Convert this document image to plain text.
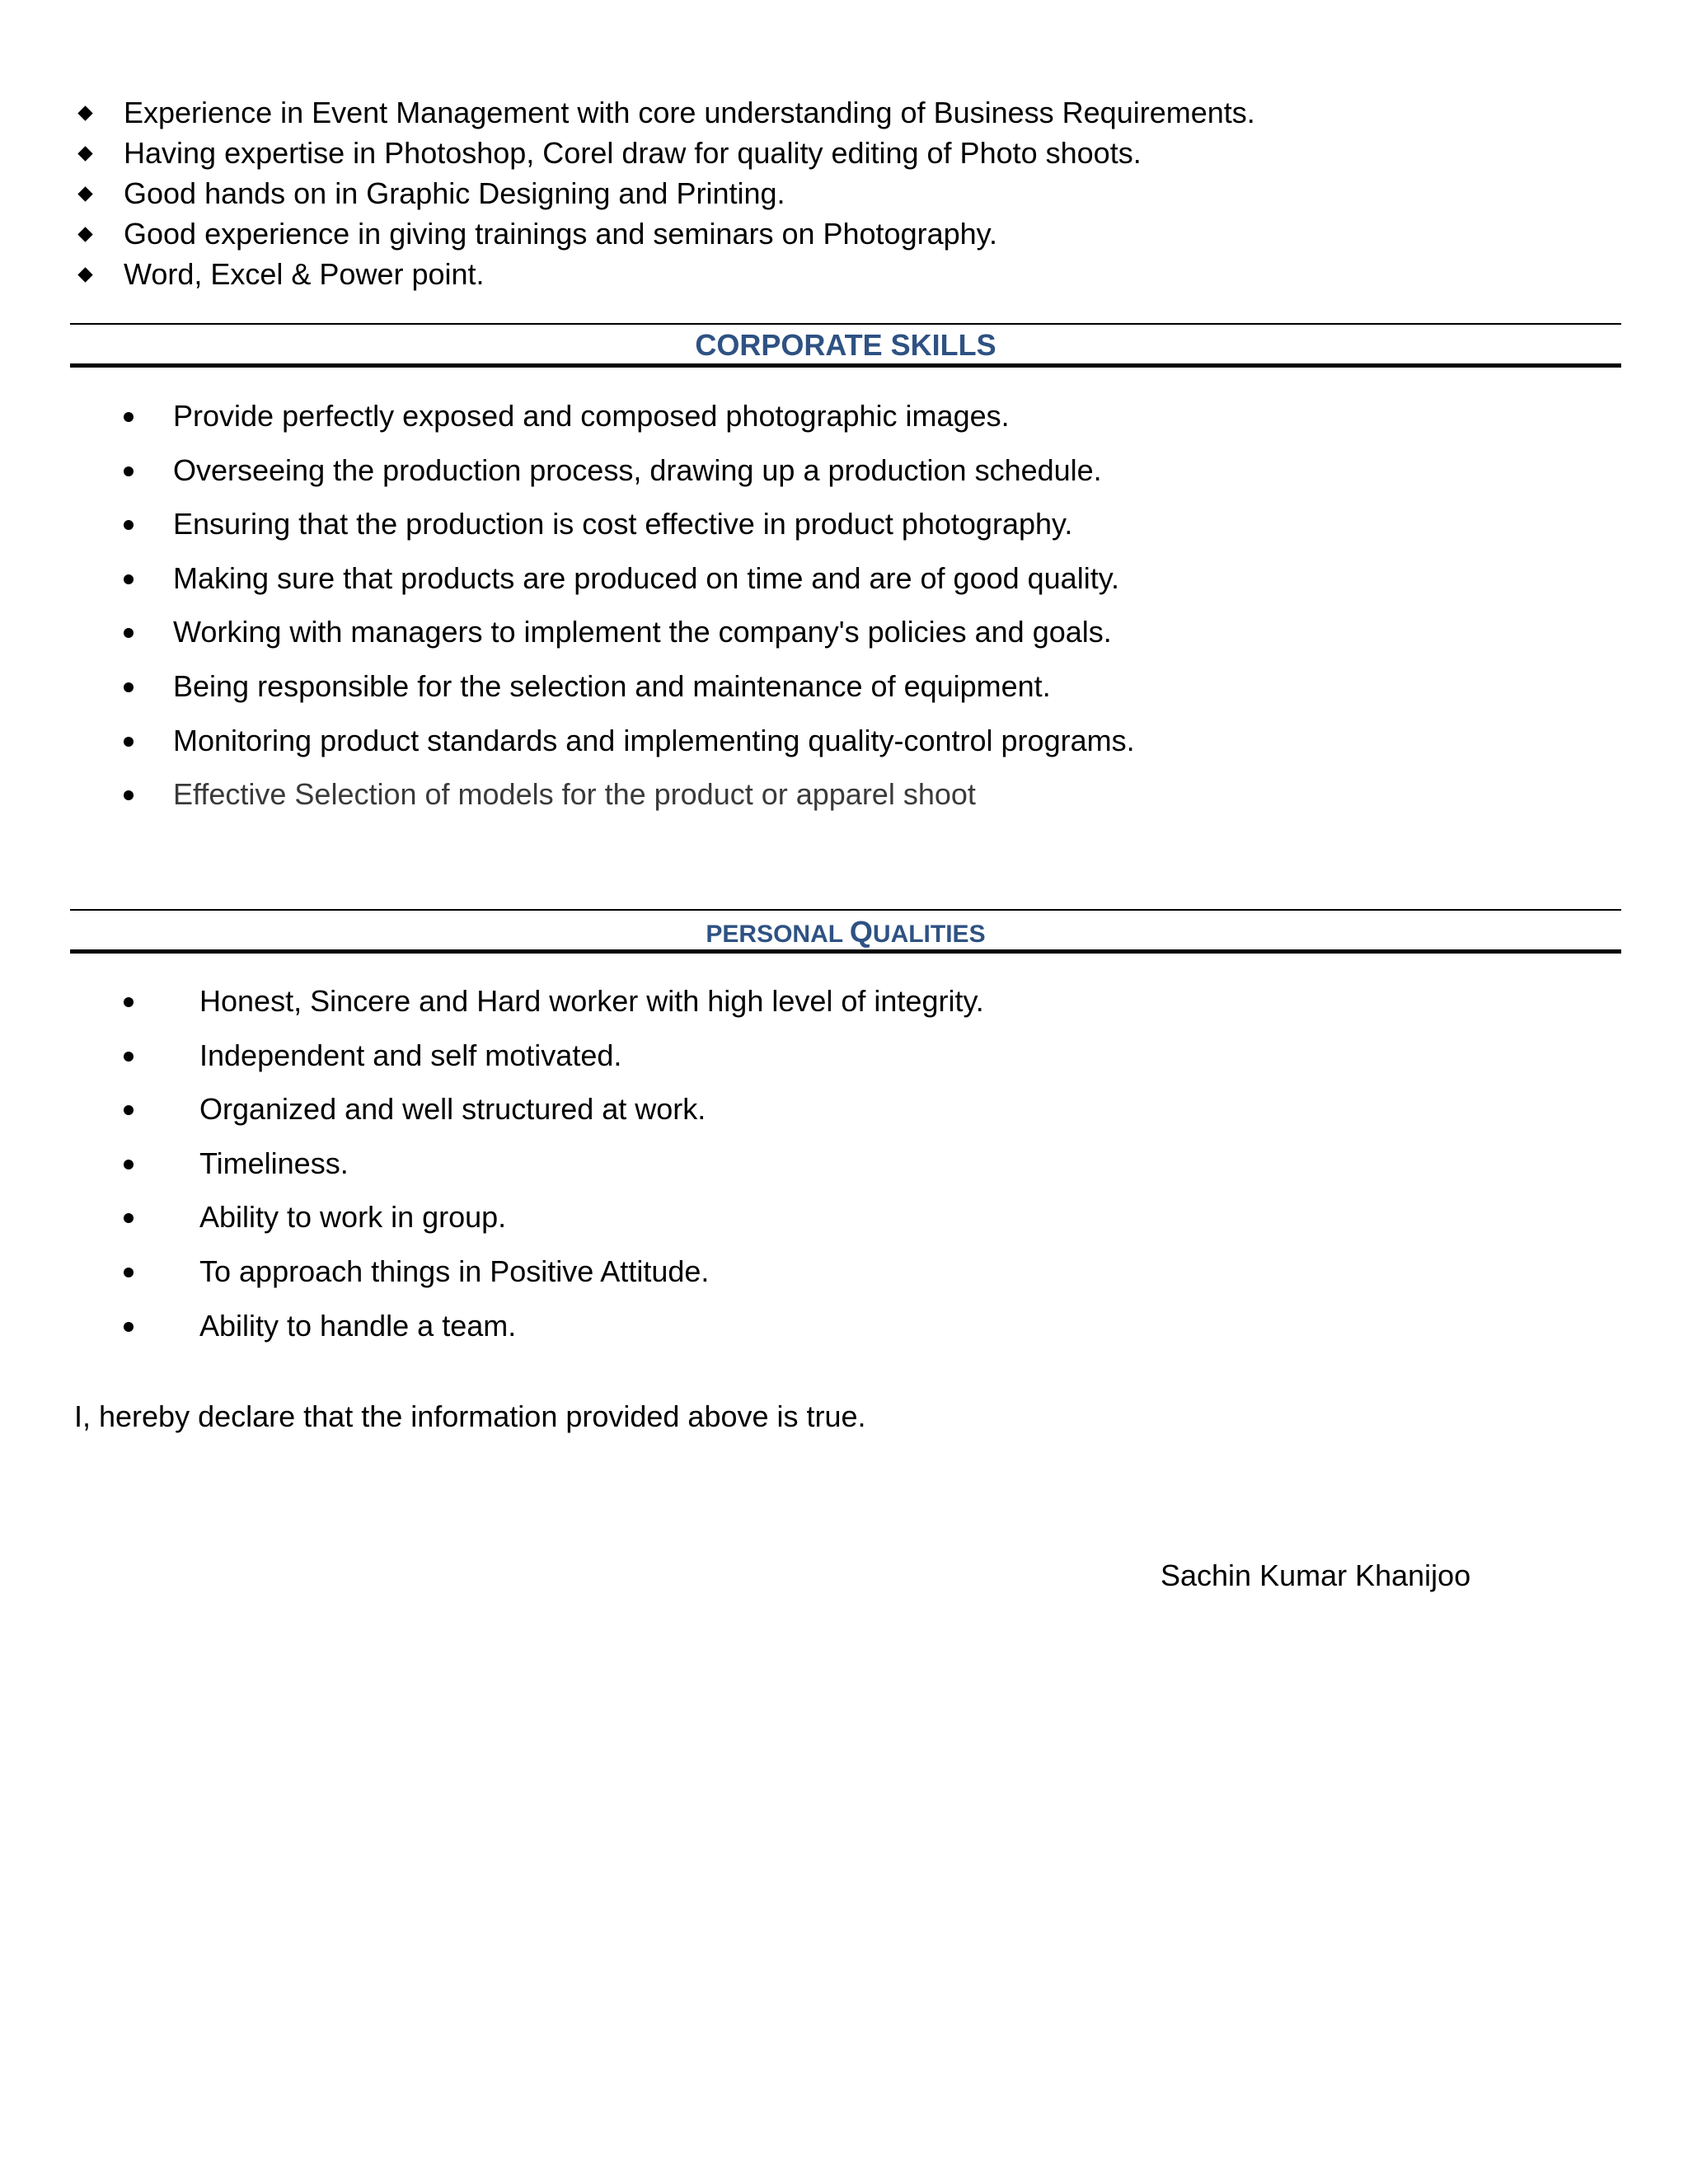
Experience in Event Management with core understanding of Business Requirements.
Having expertise in Photoshop, Corel draw for quality editing of Photo shoots.
Good hands on in Graphic Designing and Printing.
Good experience in giving trainings and seminars on Photography.
Word, Excel & Power point.
CORPORATE SKILLS
Provide perfectly exposed and composed photographic images.
Overseeing the production process, drawing up a production schedule.
Ensuring that the production is cost effective in product photography.
Making sure that products are produced on time and are of good quality.
Working with managers to implement the company's policies and goals.
Being responsible for the selection and maintenance of equipment.
Monitoring product standards and implementing quality-control programs.
Effective Selection of models for the product or apparel shoot
PERSONAL QUALITIES
Honest, Sincere and Hard worker with high level of integrity.
Independent and self motivated.
Organized and well structured at work.
Timeliness.
Ability to work in group.
To approach things in Positive Attitude.
Ability to handle a team.
I, hereby declare that the information provided above is true.
Sachin Kumar Khanijoo
